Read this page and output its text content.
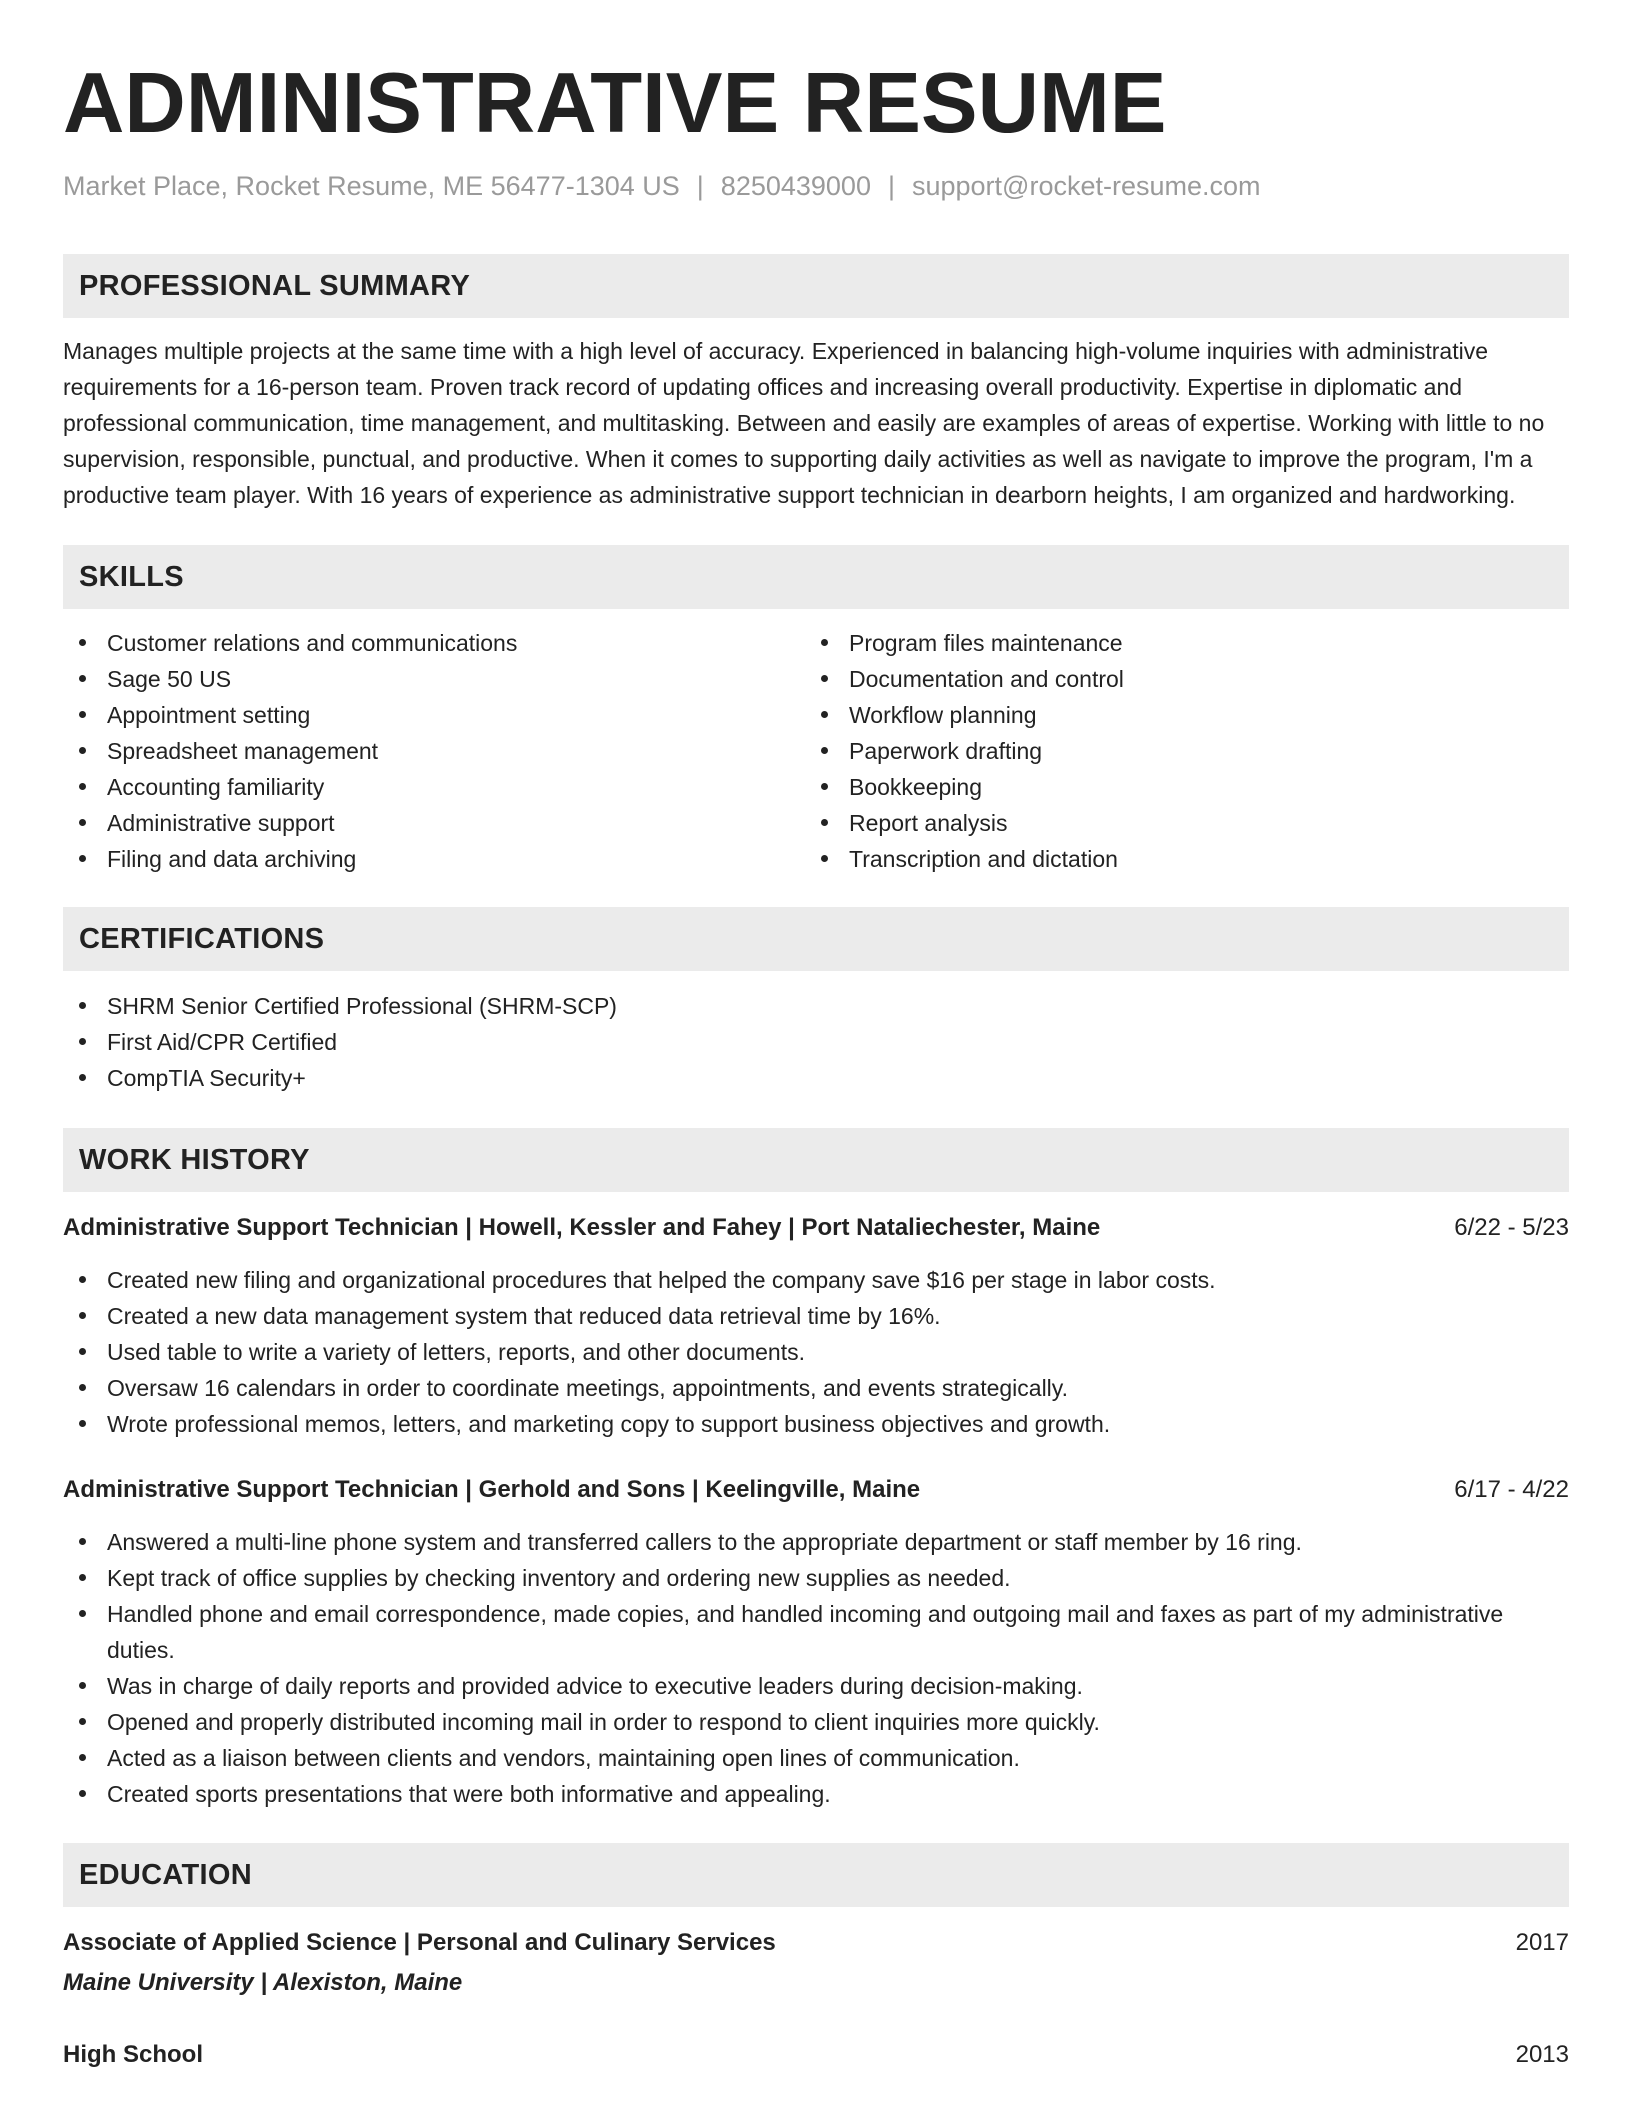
ADMINISTRATIVE RESUME
Market Place, Rocket Resume, ME 56477-1304 US | 8250439000 | support@rocket-resume.com
PROFESSIONAL SUMMARY

Manages multiple projects at the same time with a high level of accuracy. Experienced in balancing high-volume inquiries with administrative requirements for a 16-person team. Proven track record of updating offices and increasing overall productivity. Expertise in diplomatic and professional communication, time management, and multitasking. Between and easily are examples of areas of expertise. Working with little to no supervision, responsible, punctual, and productive. When it comes to supporting daily activities as well as navigate to improve the program, I'm a productive team player. With 16 years of experience as administrative support technician in dearborn heights, I am organized and hardworking.

SKILLS
Customer relations and communications
Sage 50 US
Appointment setting
Spreadsheet management
Accounting familiarity
Administrative support
Filing and data archiving
Program files maintenance
Documentation and control
Workflow planning
Paperwork drafting
Bookkeeping
Report analysis
Transcription and dictation
CERTIFICATIONS
SHRM Senior Certified Professional (SHRM-SCP)
First Aid/CPR Certified
CompTIA Security+
WORK HISTORY
Administrative Support Technician | Howell, Kessler and Fahey | Port Nataliechester, Maine	6/22 - 5/23
Created new filing and organizational procedures that helped the company save $16 per stage in labor costs.
Created a new data management system that reduced data retrieval time by 16%.
Used table to write a variety of letters, reports, and other documents.
Oversaw 16 calendars in order to coordinate meetings, appointments, and events strategically.
Wrote professional memos, letters, and marketing copy to support business objectives and growth.
Administrative Support Technician | Gerhold and Sons | Keelingville, Maine	6/17 - 4/22
Answered a multi-line phone system and transferred callers to the appropriate department or staff member by 16 ring.
Kept track of office supplies by checking inventory and ordering new supplies as needed.
Handled phone and email correspondence, made copies, and handled incoming and outgoing mail and faxes as part of my administrative duties.
Was in charge of daily reports and provided advice to executive leaders during decision-making.
Opened and properly distributed incoming mail in order to respond to client inquiries more quickly.
Acted as a liaison between clients and vendors, maintaining open lines of communication.
Created sports presentations that were both informative and appealing.
EDUCATION
Associate of Applied Science | Personal and Culinary Services	2017
Maine University | Alexiston, Maine
High School	2013
